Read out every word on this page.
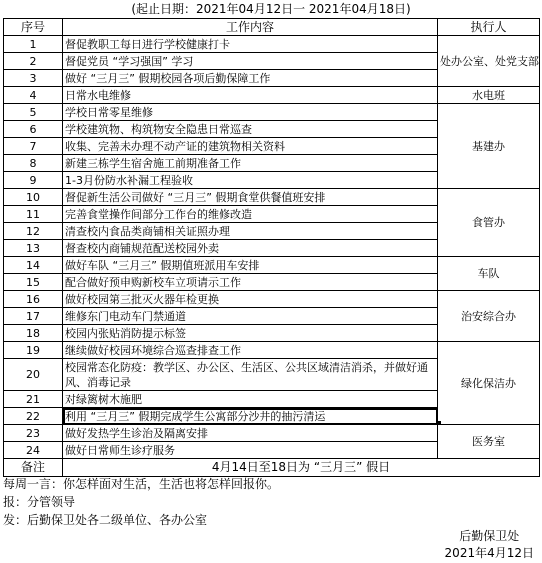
(起止日期：2021年04月12日一 2021年04月18日)
序号	工作内容	执行人
1	督促教职工每日进行学校健康打卡	处办公室、处党支部
2	督促党员 “学习强国” 学习	
3	做好 “三月三” 假期校园各项后勤保障工作	
4	日常水电维修	水电班
5	学校日常零星维修	基建办
6	学校建筑物、构筑物安全隐患日常巡查	
7	收集、完善未办理不动产证的建筑物相关资料	
8	新建三栋学生宿舍施工前期准备工作	
9	1-3月份防水补漏工程验收	
10	督促新生活公司做好 “三月三” 假期食堂供餐值班安排	食管办
11	完善食堂操作间部分工作台的维修改造	
12	清查校内食品类商铺相关证照办理	
13	督查校内商铺规范配送校园外卖	
14	做好车队 “三月三” 假期值班派用车安排	车队
15	配合做好预申购新校车立项请示工作	
16	做好校园第三批灭火器年检更换	治安综合办
17	维修东门电动车门禁通道	
18	校园内张贴消防提示标签	
19	继续做好校园环境综合巡查排查工作	绿化保洁办
20	校园常态化防疫：教学区、办公区、生活区、公共区域清洁消杀，并做好通风、消毒记录	
21	对绿篱树木施肥	
22	利用 “三月三” 假期完成学生公寓部分沙井的抽污清运	
23	做好发热学生诊治及隔离安排	医务室
24	做好日常师生诊疗服务	
备注	4月14日至18日为 “三月三” 假日	
每周一言：你怎样面对生活，生活也将怎样回报你。
报：分管领导
发：后勤保卫处各二级单位、各办公室
后勤保卫处
2021年4月12日
